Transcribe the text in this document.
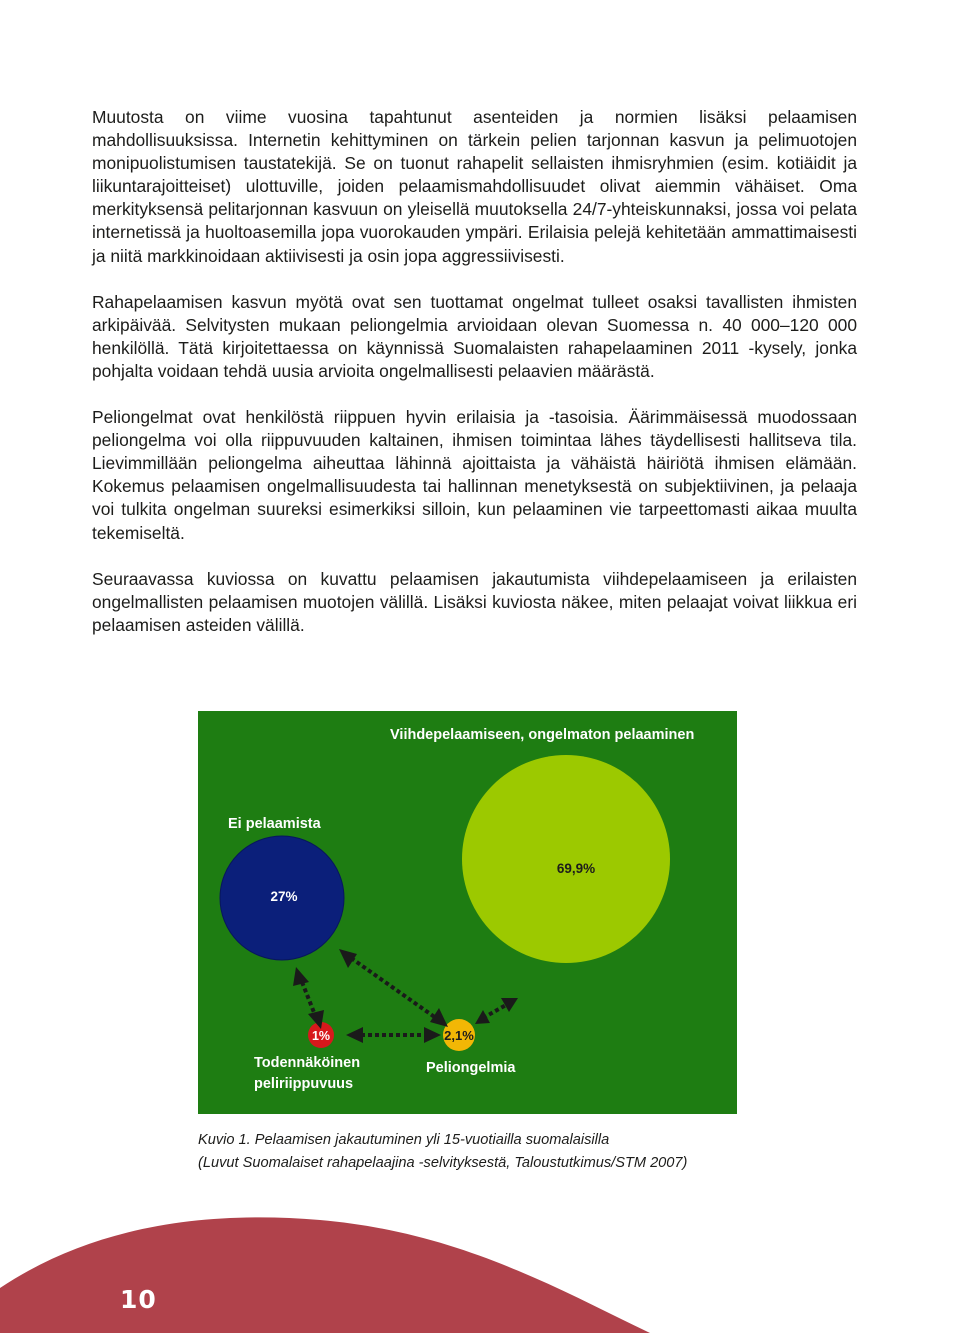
Muutosta on viime vuosina tapahtunut asenteiden ja normien lisäksi pelaamisen mahdollisuuksissa. Internetin kehittyminen on tärkein pelien tarjonnan kasvun ja pelimuotojen monipuolistumisen taustatekijä. Se on tuonut rahapelit sellaisten ihmisryhmien (esim. kotiäidit ja liikuntarajoitteiset) ulottuville, joiden pelaamismahdollisuudet olivat aiemmin vähäiset. Oma merkityksensä pelitarjonnan kasvuun on yleisellä muutoksella 24/7-yhteiskunnaksi, jossa voi pelata internetissä ja huoltoasemilla jopa vuorokauden ympäri. Erilaisia pelejä kehitetään ammattimaisesti ja niitä markkinoidaan aktiivisesti ja osin jopa aggressiivisesti.

Rahapelaamisen kasvun myötä ovat sen tuottamat ongelmat tulleet osaksi tavallisten ihmisten arkipäivää. Selvitysten mukaan peliongelmia arvioidaan olevan Suomessa n. 40 000–120 000 henkilöllä. Tätä kirjoitettaessa on käynnissä Suomalaisten rahapelaaminen 2011 -kysely, jonka pohjalta voidaan tehdä uusia arvioita ongelmallisesti pelaavien määrästä.

Peliongelmat ovat henkilöstä riippuen hyvin erilaisia ja -tasoisia. Äärimmäisessä muodossaan peliongelma voi olla riippuvuuden kaltainen, ihmisen toimintaa lähes täydellisesti hallitseva tila. Lievimmillään peliongelma aiheuttaa lähinnä ajoittaista ja vähäistä häiriötä ihmisen elämään. Kokemus pelaamisen ongelmallisuudesta tai hallinnan menetyksestä on subjektiivinen, ja pelaaja voi tulkita ongelman suureksi esimerkiksi silloin, kun pelaaminen vie tarpeettomasti aikaa muulta tekemiseltä.

Seuraavassa kuviossa on kuvattu pelaamisen jakautumista viihdepelaamiseen ja erilaisten ongelmallisten pelaamisen muotojen välillä. Lisäksi kuviosta näkee, miten pelaajat voivat liikkua eri pelaamisen asteiden välillä.

Viihdepelaamiseen, ongelmaton pelaaminen
Ei pelaamista
69,9%
27%
2,1%
1%
Todennäköinen
peliriippuvuus
Peliongelmia
Kuvio 1. Pelaamisen jakautuminen yli 15-vuotiailla suomalaisilla
(Luvut Suomalaiset rahapelaajina -selvityksestä, Taloustutkimus/STM 2007)
10
